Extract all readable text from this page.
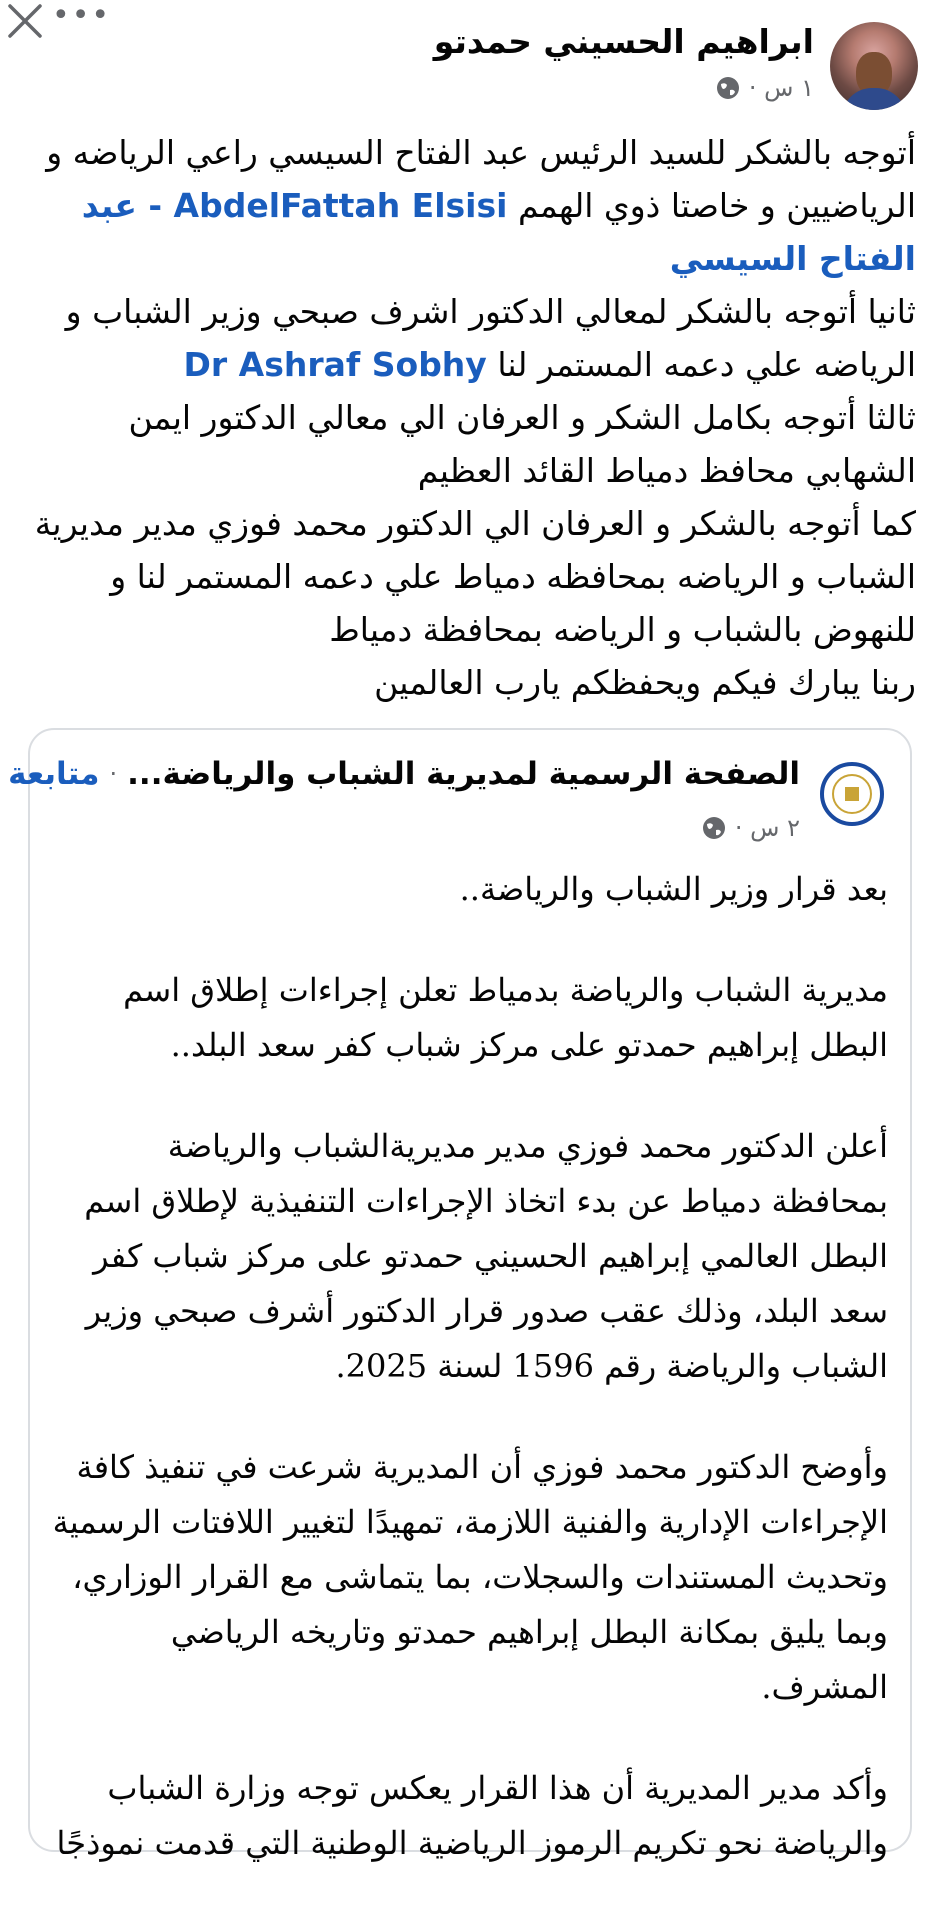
•••
ابراهيم الحسيني حمدتو
١ س ·

أتوجه بالشكر للسيد الرئيس عبد الفتاح السيسي راعي الرياضه و الرياضيين و خاصتا ذوي الهمم AbdelFattah Elsisi - عبد الفتاح السيسي

ثانيا أتوجه بالشكر لمعالي الدكتور اشرف صبحي وزير الشباب و الرياضه علي دعمه المستمر لنا Dr Ashraf Sobhy

ثالثا أتوجه بكامل الشكر و العرفان الي معالي الدكتور ايمن الشهابي محافظ دمياط القائد العظيم

كما أتوجه بالشكر و العرفان الي الدكتور محمد فوزي مدير مديرية الشباب و الرياضه بمحافظه دمياط علي دعمه المستمر لنا و للنهوض بالشباب و الرياضه بمحافظة دمياط

ربنا يبارك فيكم ويحفظكم يارب العالمين

الصفحة الرسمية لمديرية الشباب والرياضة...
·
متابعة
٢ س ·

بعد قرار وزير الشباب والرياضة..

مديرية الشباب والرياضة بدمياط تعلن إجراءات إطلاق اسم البطل إبراهيم حمدتو على مركز شباب كفر سعد البلد..

أعلن الدكتور محمد فوزي مدير مديريةالشباب والرياضة بمحافظة دمياط عن بدء اتخاذ الإجراءات التنفيذية لإطلاق اسم البطل العالمي إبراهيم الحسيني حمدتو على مركز شباب كفر سعد البلد، وذلك عقب صدور قرار الدكتور أشرف صبحي وزير الشباب والرياضة رقم 1596 لسنة 2025.

وأوضح الدكتور محمد فوزي أن المديرية شرعت في تنفيذ كافة الإجراءات الإدارية والفنية اللازمة، تمهيدًا لتغيير اللافتات الرسمية وتحديث المستندات والسجلات، بما يتماشى مع القرار الوزاري، وبما يليق بمكانة البطل إبراهيم حمدتو وتاريخه الرياضي المشرف.

وأكد مدير المديرية أن هذا القرار يعكس توجه وزارة الشباب والرياضة نحو تكريم الرموز الرياضية الوطنية التي قدمت نموذجًا
